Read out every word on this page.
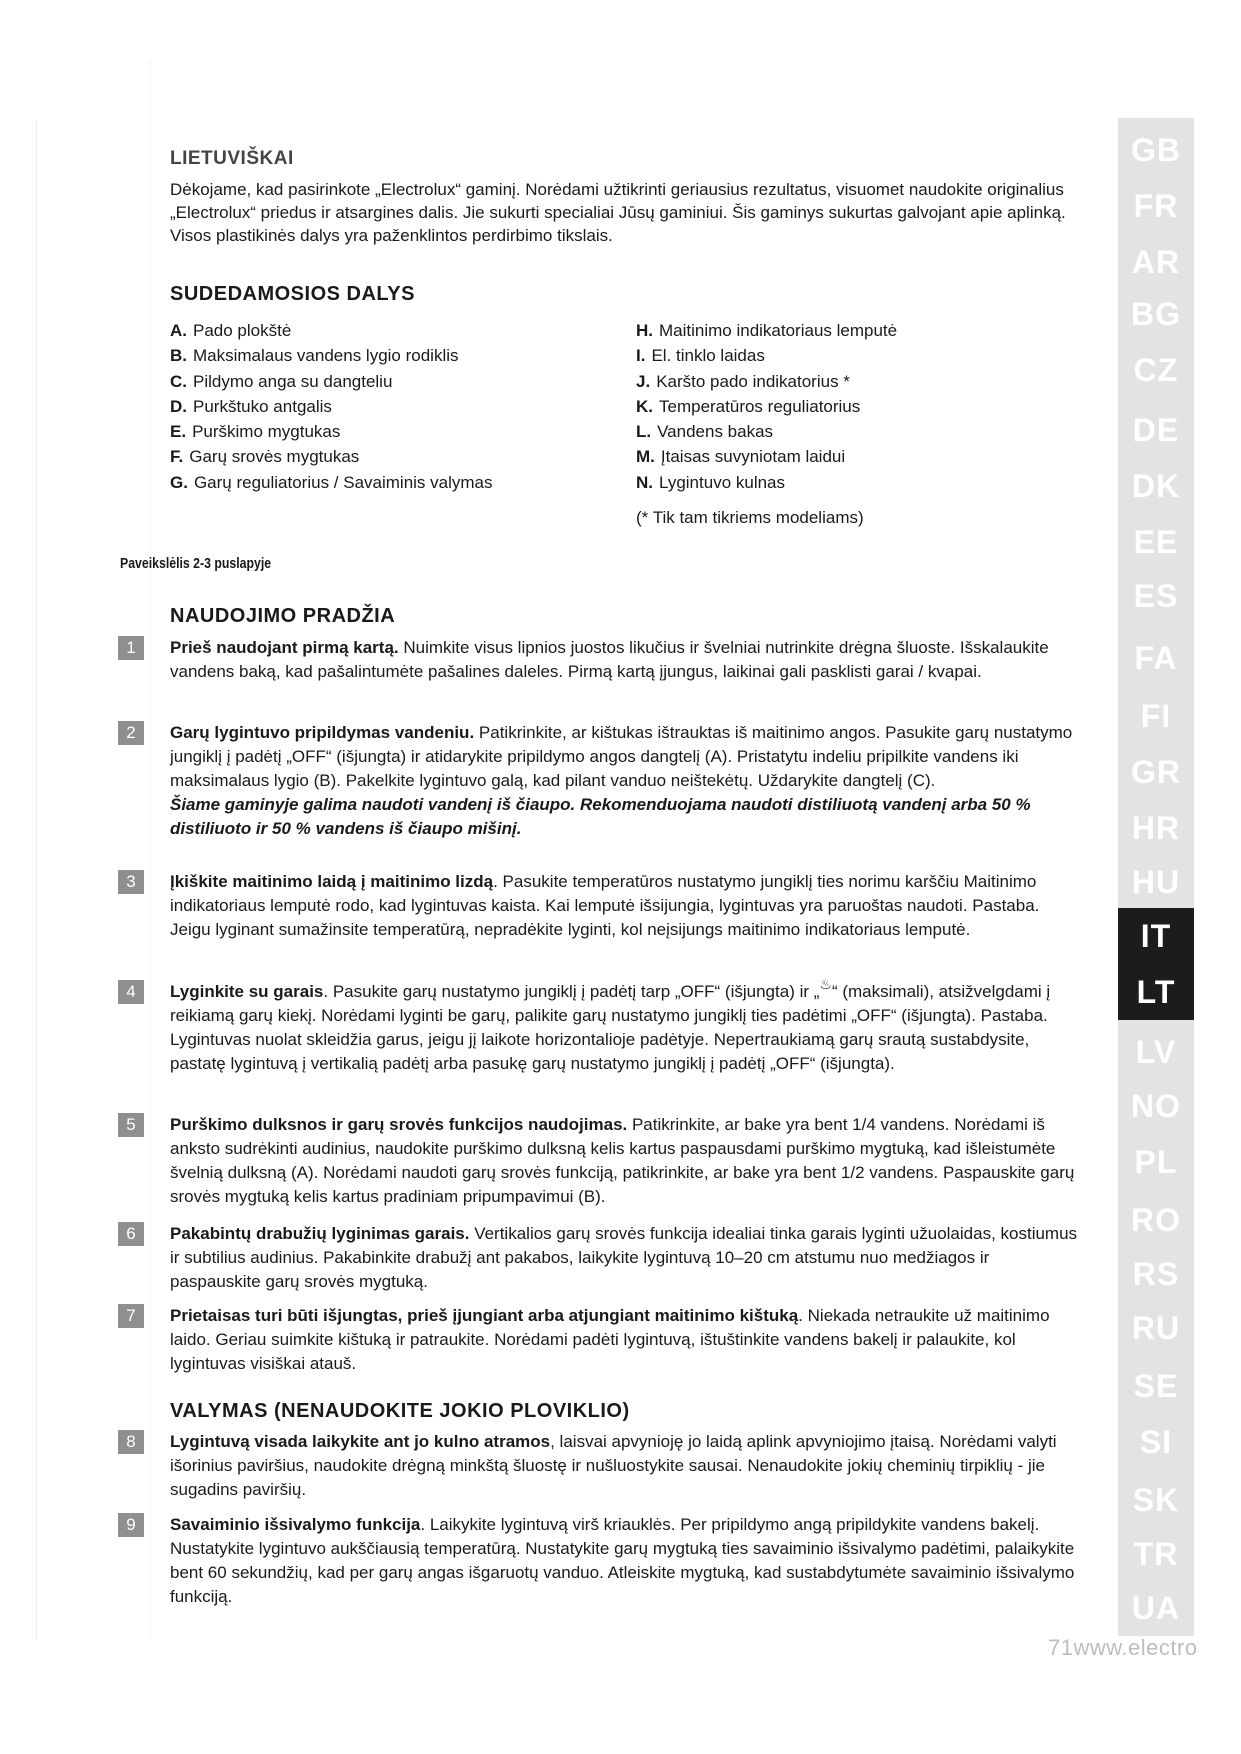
LIETUVIŠKAI

Dėkojame, kad pasirinkote „Electrolux“ gaminį. Norėdami užtikrinti geriausius rezultatus, visuomet naudokite originalius „Electrolux“ priedus ir atsargines dalis. Jie sukurti specialiai Jūsų gaminiui. Šis gaminys sukurtas galvojant apie aplinką. Visos plastikinės dalys yra paženklintos perdirbimo tikslais.

SUDEDAMOSIOS DALYS
A. Pado plokštė
B. Maksimalaus vandens lygio rodiklis
C. Pildymo anga su dangteliu
D. Purkštuko antgalis
E. Purškimo mygtukas
F. Garų srovės mygtukas
G. Garų reguliatorius / Savaiminis valymas
H. Maitinimo indikatoriaus lemputė
I. El. tinklo laidas
J. Karšto pado indikatorius *
K. Temperatūros reguliatorius
L. Vandens bakas
M. Įtaisas suvyniotam laidui
N. Lygintuvo kulnas
(* Tik tam tikriems modeliams)
Paveikslėlis 2-3 puslapyje
NAUDOJIMO PRADŽIA
1	Prieš naudojant pirmą kartą. Nuimkite visus lipnios juostos likučius ir švelniai nutrinkite drėgna šluoste. Išskalaukite vandens baką, kad pašalintumėte pašalines daleles. Pirmą kartą įjungus, laikinai gali pasklisti garai / kvapai.

2	Garų lygintuvo pripildymas vandeniu. Patikrinkite, ar kištukas ištrauktas iš maitinimo angos. Pasukite garų nustatymo jungiklį į padėtį „OFF“ (išjungta) ir atidarykite pripildymo angos dangtelį (A). Pristatytu indeliu pripilkite vandens iki maksimalaus lygio (B). Pakelkite lygintuvo galą, kad pilant vanduo neištekėtų. Uždarykite dangtelį (C).
Šiame gaminyje galima naudoti vandenį iš čiaupo. Rekomenduojama naudoti distiliuotą vandenį arba 50 % distiliuoto ir 50 % vandens iš čiaupo mišinį.

3	Įkiškite maitinimo laidą į maitinimo lizdą. Pasukite temperatūros nustatymo jungiklį ties norimu karščiu Maitinimo indikatoriaus lemputė rodo, kad lygintuvas kaista. Kai lemputė išsijungia, lygintuvas yra paruoštas naudoti. Pastaba. Jeigu lyginant sumažinsite temperatūrą, nepradėkite lyginti, kol neįsijungs maitinimo indikatoriaus lemputė.

4	Lyginkite su garais. Pasukite garų nustatymo jungiklį į padėtį tarp „OFF“ (išjungta) ir „♨“ (maksimali), atsižvelgdami į reikiamą garų kiekį. Norėdami lyginti be garų, palikite garų nustatymo jungiklį ties padėtimi „OFF“ (išjungta). Pastaba. Lygintuvas nuolat skleidžia garus, jeigu jį laikote horizontalioje padėtyje. Nepertraukiamą garų srautą sustabdysite, pastatę lygintuvą į vertikalią padėtį arba pasukę garų nustatymo jungiklį į padėtį „OFF“ (išjungta).

5	Purškimo dulksnos ir garų srovės funkcijos naudojimas. Patikrinkite, ar bake yra bent 1/4 vandens. Norėdami iš anksto sudrėkinti audinius, naudokite purškimo dulksną kelis kartus paspausdami purškimo mygtuką, kad išleistumėte švelnią dulksną (A). Norėdami naudoti garų srovės funkciją, patikrinkite, ar bake yra bent 1/2 vandens. Paspauskite garų srovės mygtuką kelis kartus pradiniam pripumpavimui (B).

6	Pakabintų drabužių lyginimas garais. Vertikalios garų srovės funkcija idealiai tinka garais lyginti užuolaidas, kostiumus ir subtilius audinius. Pakabinkite drabužį ant pakabos, laikykite lygintuvą 10–20 cm atstumu nuo medžiagos ir paspauskite garų srovės mygtuką.

7	Prietaisas turi būti išjungtas, prieš įjungiant arba atjungiant maitinimo kištuką. Niekada netraukite už maitinimo laido. Geriau suimkite kištuką ir patraukite. Norėdami padėti lygintuvą, ištuštinkite vandens bakelį ir palaukite, kol lygintuvas visiškai atauš.

VALYMAS (NENAUDOKITE JOKIO PLOVIKLIO)
8	Lygintuvą visada laikykite ant jo kulno atramos, laisvai apvynioję jo laidą aplink apvyniojimo įtaisą. Norėdami valyti išorinius paviršius, naudokite drėgną minkštą šluostę ir nušluostykite sausai. Nenaudokite jokių cheminių tirpiklių - jie sugadins paviršių.

9	Savaiminio išsivalymo funkcija. Laikykite lygintuvą virš kriauklės. Per pripildymo angą pripildykite vandens bakelį. Nustatykite lygintuvo aukščiausią temperatūrą. Nustatykite garų mygtuką ties savaiminio išsivalymo padėtimi, palaikykite bent 60 sekundžių, kad per garų angas išgaruotų vanduo. Atleiskite mygtuką, kad sustabdytumėte savaiminio išsivalymo funkciją.

GB
FR
AR
BG
CZ
DE
DK
EE
ES
FA
FI
GR
HR
HU
IT
LT
LV
NO
PL
RO
RS
RU
SE
SI
SK
TR
UA
71www.electro
